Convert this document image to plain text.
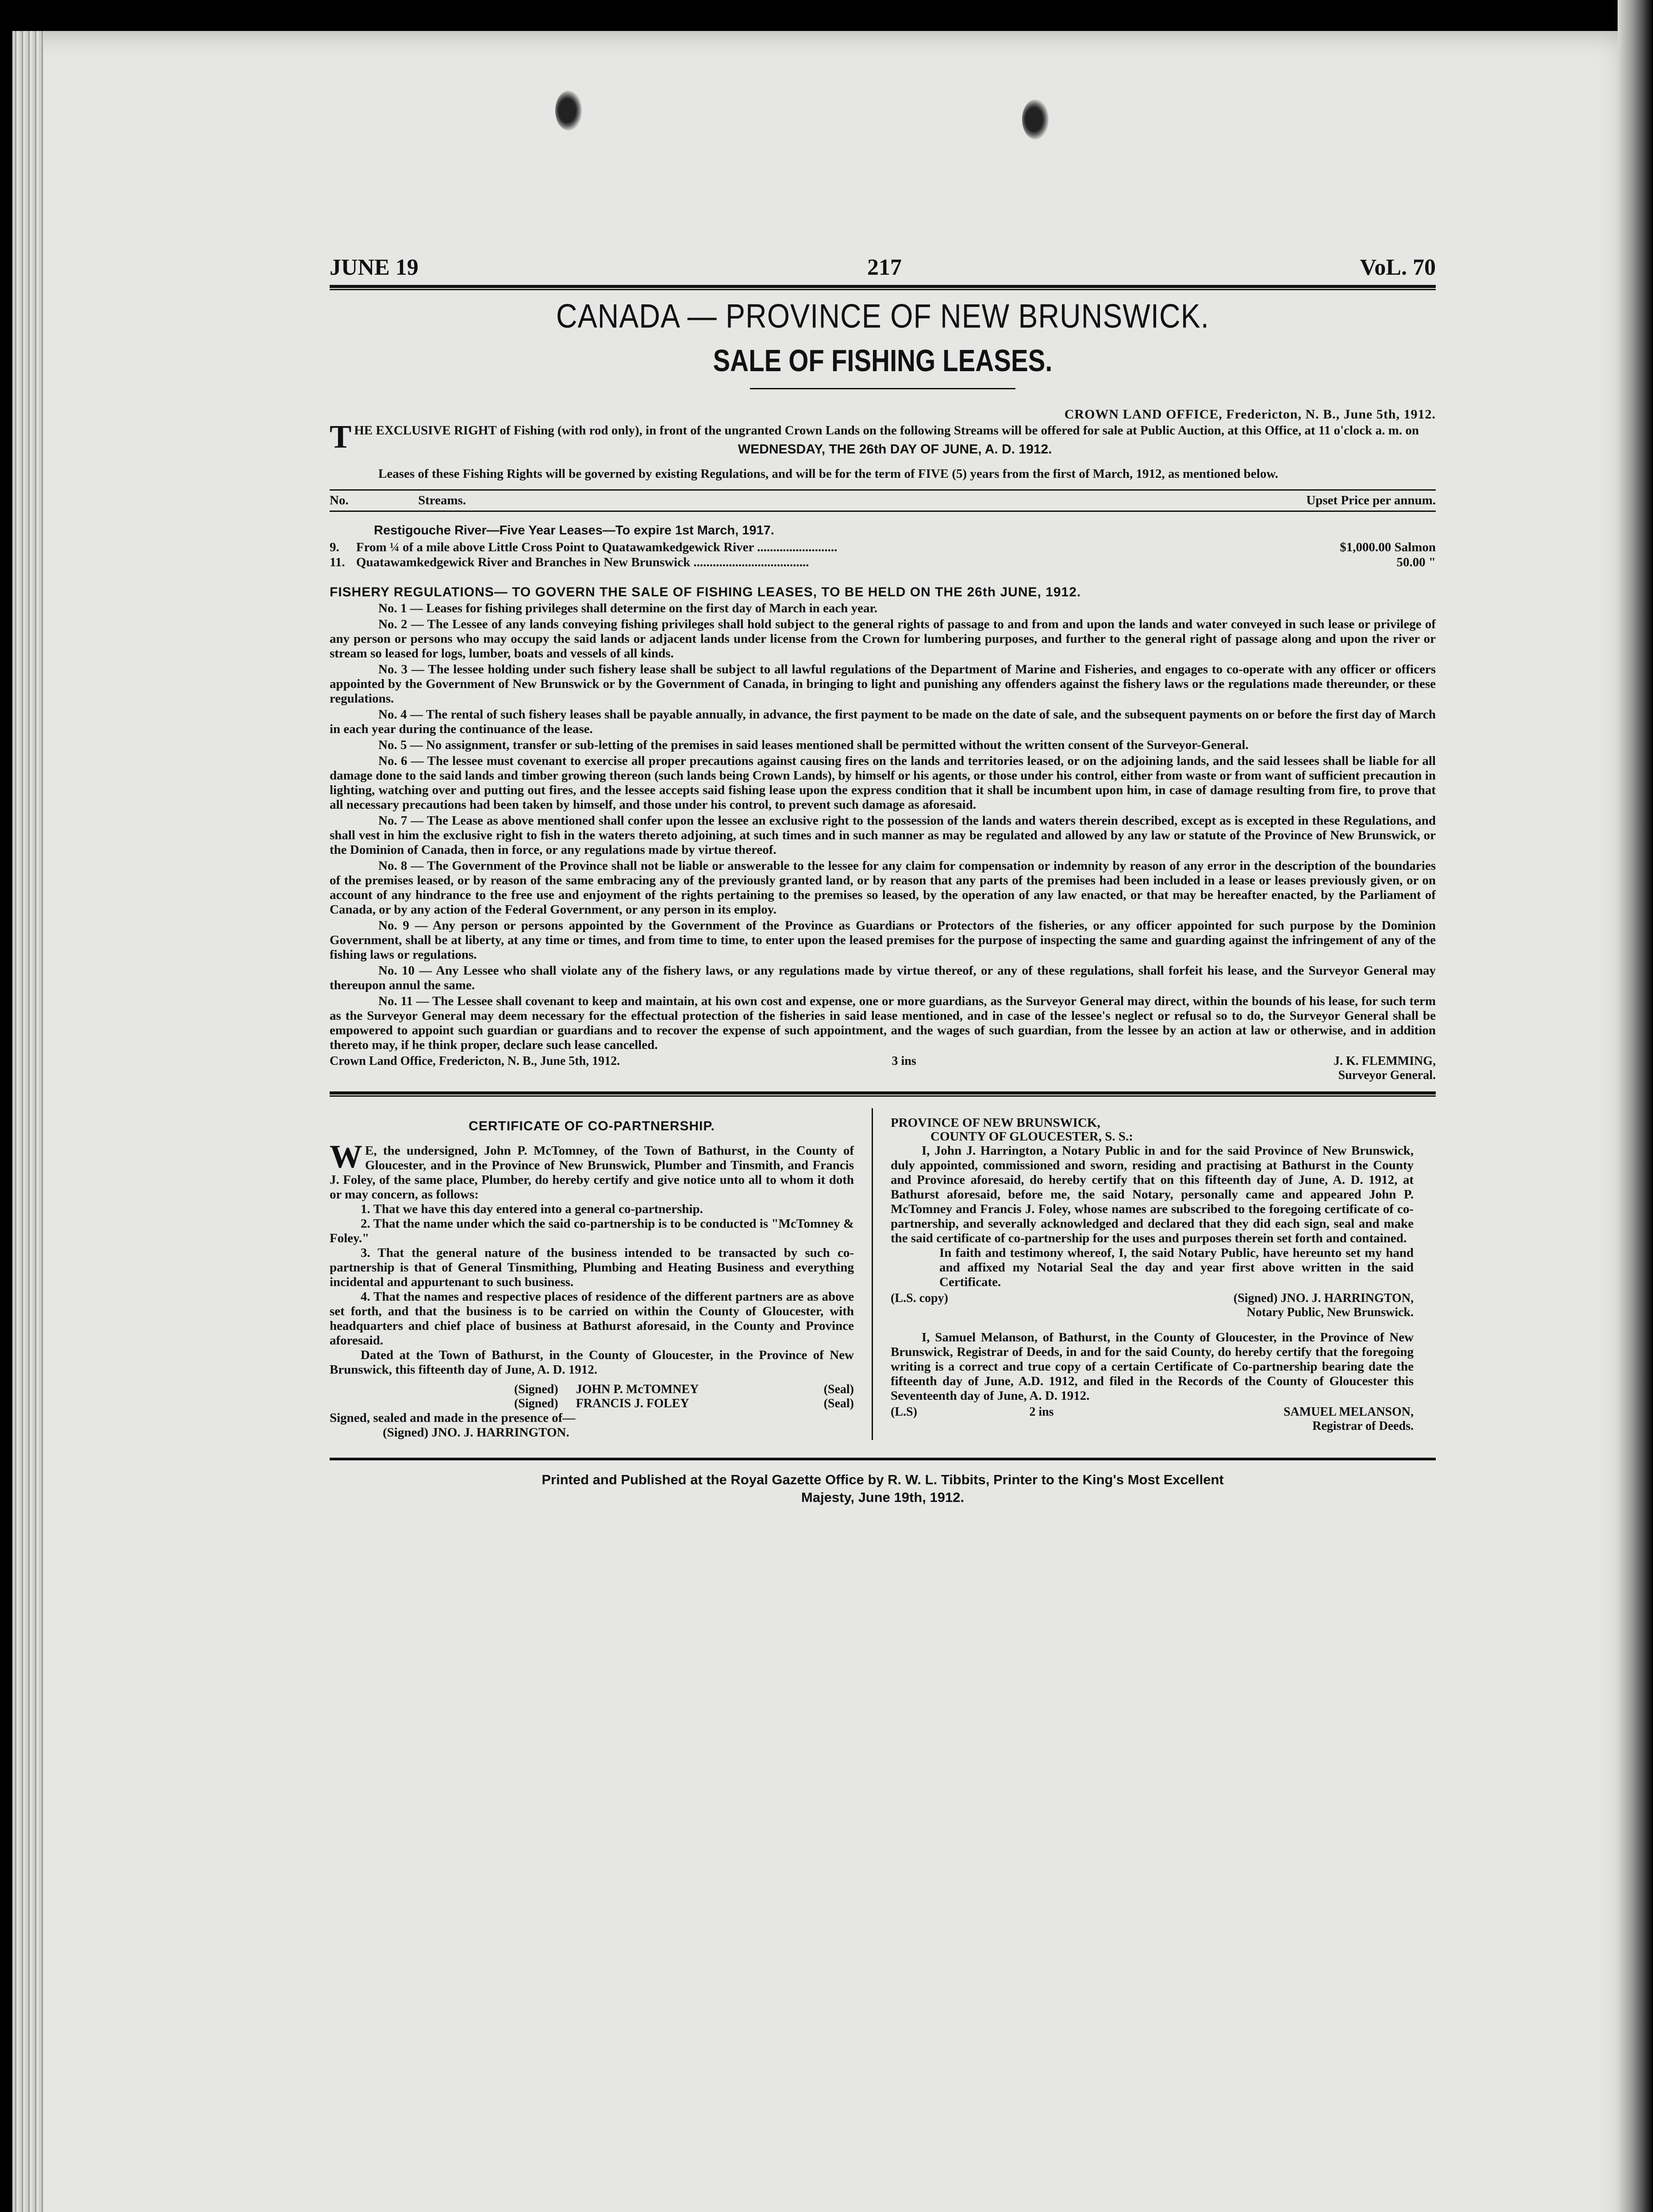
JUNE 19	217	VoL. 70
CANADA — PROVINCE OF NEW BRUNSWICK.
SALE OF FISHING LEASES.
CROWN LAND OFFICE, Fredericton, N. B., June 5th, 1912.
T HE EXCLUSIVE RIGHT of Fishing (with rod only), in front of the ungranted Crown Lands on the following Streams will be offered for sale at Public Auction, at this Office, at 11 o'clock a. m. on
WEDNESDAY, THE 26th DAY OF JUNE, A. D. 1912.

Leases of these Fishing Rights will be governed by existing Regulations, and will be for the term of FIVE (5) years from the first of March, 1912, as mentioned below.

No.	Streams.	Upset Price per annum.
Restigouche River—Five Year Leases—To expire 1st March, 1917.
9.	From ¼ of a mile above Little Cross Point to Quatawamkedgewick River .........................	$1,000.00 Salmon
11. Quatawamkedgewick River and Branches in New Brunswick ....................................	50.00 "
FISHERY REGULATIONS— TO GOVERN THE SALE OF FISHING LEASES, TO BE HELD ON THE 26th JUNE, 1912.

No. 1 — Leases for fishing privileges shall determine on the first day of March in each year.

No. 2 — The Lessee of any lands conveying fishing privileges shall hold subject to the general rights of passage to and from and upon the lands and water conveyed in such lease or privilege of any person or persons who may occupy the said lands or adjacent lands under license from the Crown for lumbering purposes, and further to the general right of passage along and upon the river or stream so leased for logs, lumber, boats and vessels of all kinds.

No. 3 — The lessee holding under such fishery lease shall be subject to all lawful regulations of the Department of Marine and Fisheries, and engages to co-operate with any officer or officers appointed by the Government of New Brunswick or by the Government of Canada, in bringing to light and punishing any offenders against the fishery laws or the regulations made thereunder, or these regulations.

No. 4 — The rental of such fishery leases shall be payable annually, in advance, the first payment to be made on the date of sale, and the subsequent payments on or before the first day of March in each year during the continuance of the lease.

No. 5 — No assignment, transfer or sub-letting of the premises in said leases mentioned shall be permitted without the written consent of the Surveyor-General.

No. 6 — The lessee must covenant to exercise all proper precautions against causing fires on the lands and territories leased, or on the adjoining lands, and the said lessees shall be liable for all damage done to the said lands and timber growing thereon (such lands being Crown Lands), by himself or his agents, or those under his control, either from waste or from want of sufficient precaution in lighting, watching over and putting out fires, and the lessee accepts said fishing lease upon the express condition that it shall be incumbent upon him, in case of damage resulting from fire, to prove that all necessary precautions had been taken by himself, and those under his control, to prevent such damage as aforesaid.

No. 7 — The Lease as above mentioned shall confer upon the lessee an exclusive right to the possession of the lands and waters therein described, except as is excepted in these Regulations, and shall vest in him the exclusive right to fish in the waters thereto adjoining, at such times and in such manner as may be regulated and allowed by any law or statute of the Province of New Brunswick, or the Dominion of Canada, then in force, or any regulations made by virtue thereof.

No. 8 — The Government of the Province shall not be liable or answerable to the lessee for any claim for compensation or indemnity by reason of any error in the description of the boundaries of the premises leased, or by reason of the same embracing any of the previously granted land, or by reason that any parts of the premises had been included in a lease or leases previously given, or on account of any hindrance to the free use and enjoyment of the rights pertaining to the premises so leased, by the operation of any law enacted, or that may be hereafter enacted, by the Parliament of Canada, or by any action of the Federal Government, or any person in its employ.

No. 9 — Any person or persons appointed by the Government of the Province as Guardians or Protectors of the fisheries, or any officer appointed for such purpose by the Dominion Government, shall be at liberty, at any time or times, and from time to time, to enter upon the leased premises for the purpose of inspecting the same and guarding against the infringement of any of the fishing laws or regulations.

No. 10 — Any Lessee who shall violate any of the fishery laws, or any regulations made by virtue thereof, or any of these regulations, shall forfeit his lease, and the Surveyor General may thereupon annul the same.

No. 11 — The Lessee shall covenant to keep and maintain, at his own cost and expense, one or more guardians, as the Surveyor General may direct, within the bounds of his lease, for such term as the Surveyor General may deem necessary for the effectual protection of the fisheries in said lease mentioned, and in case of the lessee's neglect or refusal so to do, the Surveyor General shall be empowered to appoint such guardian or guardians and to recover the expense of such appointment, and the wages of such guardian, from the lessee by an action at law or otherwise, and in addition thereto may, if he think proper, declare such lease cancelled.

Crown Land Office, Fredericton, N. B., June 5th, 1912.	3 ins	J. K. FLEMMING,
Surveyor General.
CERTIFICATE OF CO-PARTNERSHIP.
W E, the undersigned, John P. McTomney, of the Town of Bathurst, in the County of Gloucester, and in the Province of New Brunswick, Plumber and Tinsmith, and Francis J. Foley, of the same place, Plumber, do hereby certify and give notice unto all to whom it doth or may concern, as follows:

1. That we have this day entered into a general co-partnership.

2. That the name under which the said co-partnership is to be conducted is "McTomney & Foley."

3. That the general nature of the business intended to be transacted by such co-partnership is that of General Tinsmithing, Plumbing and Heating Business and everything incidental and appurtenant to such business.

4. That the names and respective places of residence of the different partners are as above set forth, and that the business is to be carried on within the County of Gloucester, with headquarters and chief place of business at Bathurst aforesaid, in the County and Province aforesaid.

Dated at the Town of Bathurst, in the County of Gloucester, in the Province of New Brunswick, this fifteenth day of June, A. D. 1912.

(Signed) JOHN P. McTOMNEY	(Seal)
(Signed) FRANCIS J. FOLEY	(Seal)

Signed, sealed and made in the presence of—

(Signed) JNO. J. HARRINGTON.

PROVINCE OF NEW BRUNSWICK,
COUNTY OF GLOUCESTER, S. S.:

I, John J. Harrington, a Notary Public in and for the said Province of New Brunswick, duly appointed, commissioned and sworn, residing and practising at Bathurst in the County and Province aforesaid, do hereby certify that on this fifteenth day of June, A. D. 1912, at Bathurst aforesaid, before me, the said Notary, personally came and appeared John P. McTomney and Francis J. Foley, whose names are subscribed to the foregoing certificate of co-partnership, and severally acknowledged and declared that they did each sign, seal and make the said certificate of co-partnership for the uses and purposes therein set forth and contained.

In faith and testimony whereof, I, the said Notary Public, have hereunto set my hand and affixed my Notarial Seal the day and year first above written in the said Certificate.

(L.S. copy)	(Signed) JNO. J. HARRINGTON,
Notary Public, New Brunswick.

I, Samuel Melanson, of Bathurst, in the County of Gloucester, in the Province of New Brunswick, Registrar of Deeds, in and for the said County, do hereby certify that the foregoing writing is a correct and true copy of a certain Certificate of Co-partnership bearing date the fifteenth day of June, A.D. 1912, and filed in the Records of the County of Gloucester this Seventeenth day of June, A. D. 1912.

(L.S)	2 ins	SAMUEL MELANSON,
Registrar of Deeds.
Printed and Published at the Royal Gazette Office by R. W. L. Tibbits, Printer to the King's Most Excellent
Majesty, June 19th, 1912.
